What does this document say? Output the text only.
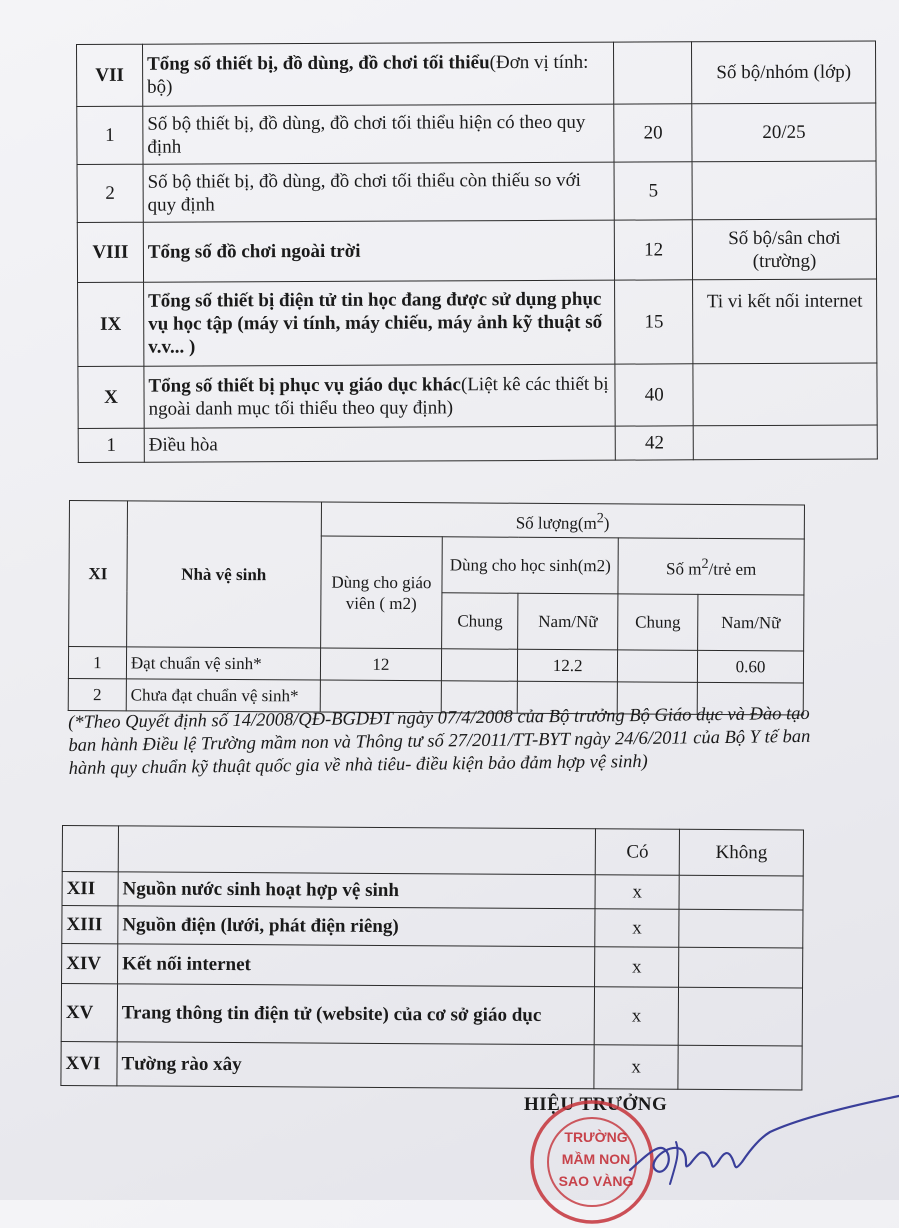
VII	Tổng số thiết bị, đồ dùng, đồ chơi tối thiểu(Đơn vị tính: bộ)		Số bộ/nhóm (lớp)
1	Số bộ thiết bị, đồ dùng, đồ chơi tối thiểu hiện có theo quy định	20	20/25
2	Số bộ thiết bị, đồ dùng, đồ chơi tối thiểu còn thiếu so với quy định	5	
VIII	Tổng số đồ chơi ngoài trời	12	Số bộ/sân chơi (trường)
IX	Tổng số thiết bị điện tử tin học đang được sử dụng phục vụ học tập (máy vi tính, máy chiếu, máy ảnh kỹ thuật số v.v... )	15	Ti vi kết nối internet
X	Tổng số thiết bị phục vụ giáo dục khác(Liệt kê các thiết bị ngoài danh mục tối thiểu theo quy định)	40	
1	Điều hòa	42	
XI	Nhà vệ sinh	Số $lượng(m^2)$				
		Dùng cho giáo viên ( m2)	Dùng cho học sinh(m2)		Số $m^2$/trẻ em	
			Chung	Nam/Nữ	Chung	Nam/Nữ
1	Đạt chuẩn vệ sinh*	12		12.2		0.60
2	Chưa đạt chuẩn vệ sinh*					
(*Theo Quyết định số 14/2008/QĐ-BGDĐT ngày 07/4/2008 của Bộ trưởng Bộ Giáo dục và Đào tạo ban hành Điều lệ Trường mầm non và Thông tư số 27/2011/TT-BYT ngày 24/6/2011 của Bộ Y tế ban hành quy chuẩn kỹ thuật quốc gia về nhà tiêu- điều kiện bảo đảm hợp vệ sinh)
		Có	Không
XII	Nguồn nước sinh hoạt hợp vệ sinh	x	
XIII	Nguồn điện (lưới, phát điện riêng)	x	
XIV	Kết nối internet	x	
XV	Trang thông tin điện tử (website) của cơ sở giáo dục	x	
XVI	Tường rào xây	x	
HIỆU TRƯỞNG
TRƯỜNG
MẦM NON
SAO VÀNG
